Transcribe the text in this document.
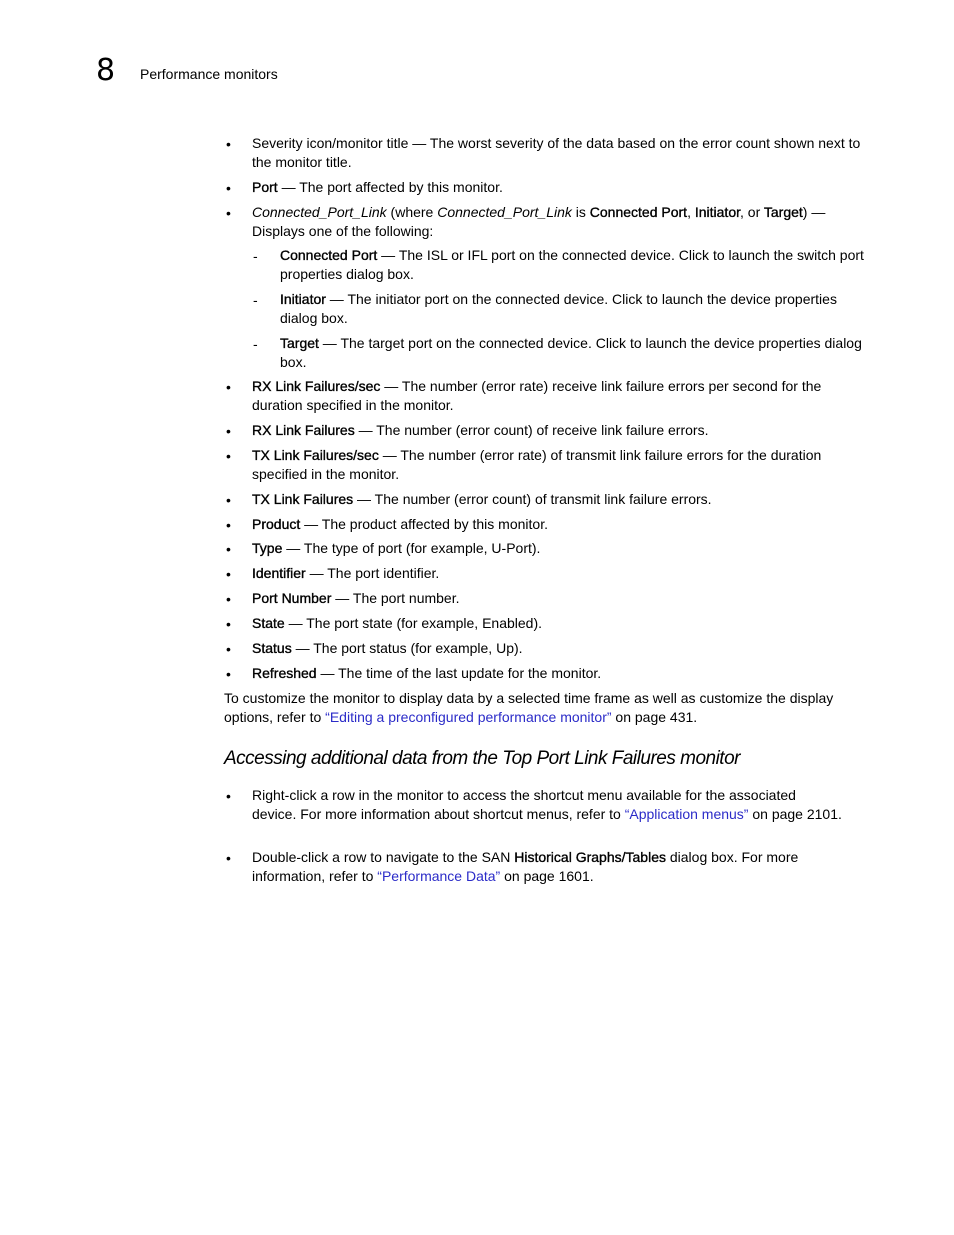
8 Performance monitors
• Severity icon/monitor title — The worst severity of the data based on the error count shown next to the monitor title.
• Port — The port affected by this monitor.
• Connected_Port_Link (where Connected_Port_Link is Connected Port, Initiator, or Target) — Displays one of the following:
- Connected Port — The ISL or IFL port on the connected device. Click to launch the switch port properties dialog box.
- Initiator — The initiator port on the connected device. Click to launch the device properties dialog box.
- Target — The target port on the connected device. Click to launch the device properties dialog box.
• RX Link Failures/sec — The number (error rate) receive link failure errors per second for the duration specified in the monitor.
• RX Link Failures — The number (error count) of receive link failure errors.
• TX Link Failures/sec — The number (error rate) of transmit link failure errors for the duration specified in the monitor.
• TX Link Failures — The number (error count) of transmit link failure errors.
• Product — The product affected by this monitor.
• Type — The type of port (for example, U-Port).
• Identifier — The port identifier.
• Port Number — The port number.
• State — The port state (for example, Enabled).
• Status — The port status (for example, Up).
• Refreshed — The time of the last update for the monitor.
To customize the monitor to display data by a selected time frame as well as customize the display options, refer to “Editing a preconfigured performance monitor” on page 431.
Accessing additional data from the Top Port Link Failures monitor
• Right-click a row in the monitor to access the shortcut menu available for the associated device. For more information about shortcut menus, refer to “Application menus” on page 2101.
• Double-click a row to navigate to the SAN Historical Graphs/Tables dialog box. For more information, refer to “Performance Data” on page 1601.
